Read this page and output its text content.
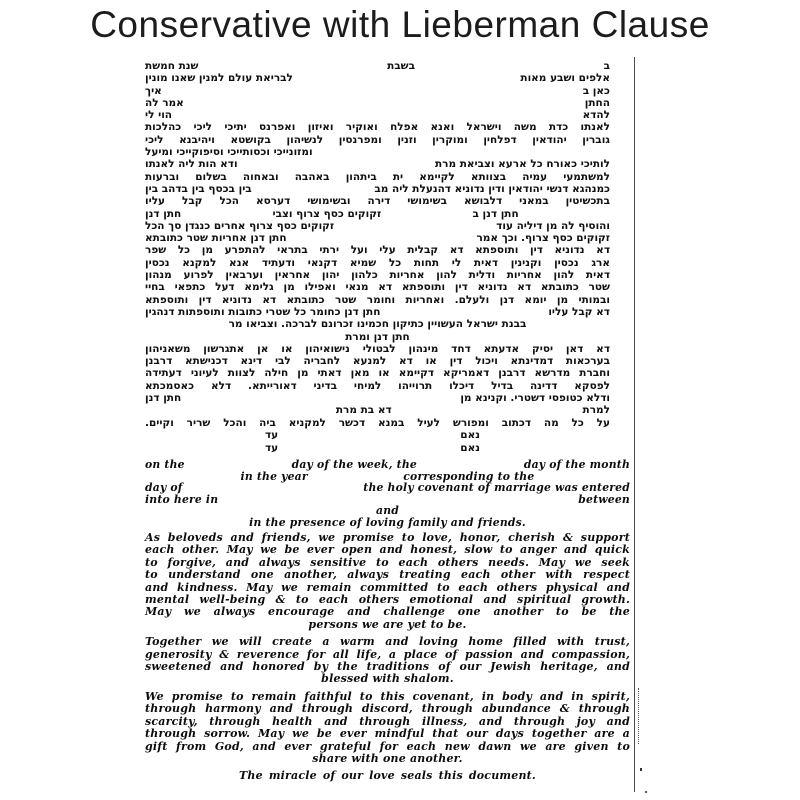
Conservative with Lieberman Clause
ב
בשבת
שנת חמשת
אלפים ושבע מאות
לבריאת עולם למנין שאנו מונין
כאן ב
איך
החתן
אמר לה
להדא
הוי לי
לאנתו כדת משה וישראל ואנא אפלח ואוקיר ואיזון ואפרנס יתיכי ליכי כהלכות
גוברין יהודאין דפלחין ומוקרין וזנין ומפרנסין לנשיהון בקושטא ויהיבנא ליכי
ומזונייכי וכסותייכי וסיפוקייכי ומיעל
לותיכי כאורח כל ארעא וצביאת מרת
ודא הות ליה לאנתו
למשתמעי עמיה בצוותא לקיימא ית ביתהון באהבה ובאחוה בשלום וברעות
כמנהגא דנשי יהודאין ודין נדוניא דהנעלת ליה מב
בין בכסף בין בדהב בין
בתכשיטין במאני דלבושא בשימושי דירה ובשימושי דערסא הכל קבל עליו
חתן דנן ב
זקוקים כסף צרוף וצבי
חתן דנן
והוסיף לה מן דיליה עוד
זקוקים כסף צרוף אחרים כנגדן סך הכל
זקוקים כסף צרוף. וכך אמר
חתן דנן אחריות שטר כתובתא
דא נדוניא דין ותוספתא דא קבלית עלי ועל ירתי בתראי להתפרע מן כל שפר
ארג נכסין וקנינין דאית לי תחות כל שמיא דקנאי ודעתיד אנא למקנא נכסין
דאית להון אחריות ודלית להון אחריות כלהון יהון אחראין וערבאין לפרוע מנהון
שטר כתובתא דא נדוניא דין ותוספתא דא מנאי ואפילו מן גלימא דעל כתפאי בחיי
ובמותי מן יומא דנן ולעלם. ואחריות וחומר שטר כתובתא דא נדוניא דין ותוספתא
דא קבל עליו
חתן דנן כחומר כל שטרי כתובות ותוספתות דנהגין
בבנת ישראל העשויין כתיקון חכמינו זכרונם לברכה. וצביאו מר
חתן דנן ומרת
דא דאן יסיק אדעתא דחד מינהון לבטולי נישואיהון או אן אתגרשון משאניהון
בערכאות דמדינתא ויכול דין או דא למנעא לחבריה לבי דינא דכנישתא דרבנן
וחברת מדרשא דרבנן דאמריקא דקיימא או מאן דאתי מן חילה לצוות לעיוני דעתידה
לפסקא דדינה בדיל דיכלו תרוייהו למיחי בדיני דאורייתא. דלא כאסמכתא
ודלא כטופסי דשטרי. וקנינא מן
חתן דנן
למרת
דא בת מרת
על כל מה דכתוב ומפורש לעיל במנא דכשר למקניא ביה והכל שריר וקיים.
נאם
עד
נאם
עד
on the	day of the week, the	day of the month
in the year	corresponding to the
day of	the holy covenant of marriage was entered
into here in	between
and
in the presence of loving family and friends.
As beloveds and friends, we promise to love, honor, cherish & support
each other. May we be ever open and honest, slow to anger and quick
to forgive, and always sensitive to each others needs. May we seek
to understand one another, always treating each other with respect
and kindness. May we remain committed to each others physical and
mental well-being & to each others emotional and spiritual growth.
May we always encourage and challenge one another to be the
persons we are yet to be.
Together we will create a warm and loving home filled with trust,
generosity & reverence for all life, a place of passion and compassion,
sweetened and honored by the traditions of our Jewish heritage, and
blessed with shalom.
We promise to remain faithful to this covenant, in body and in spirit,
through harmony and through discord, through abundance & through
scarcity, through health and through illness, and through joy and
through sorrow. May we be ever mindful that our days together are a
gift from God, and ever grateful for each new dawn we are given to
share with one another.
The miracle of our love seals this document.
